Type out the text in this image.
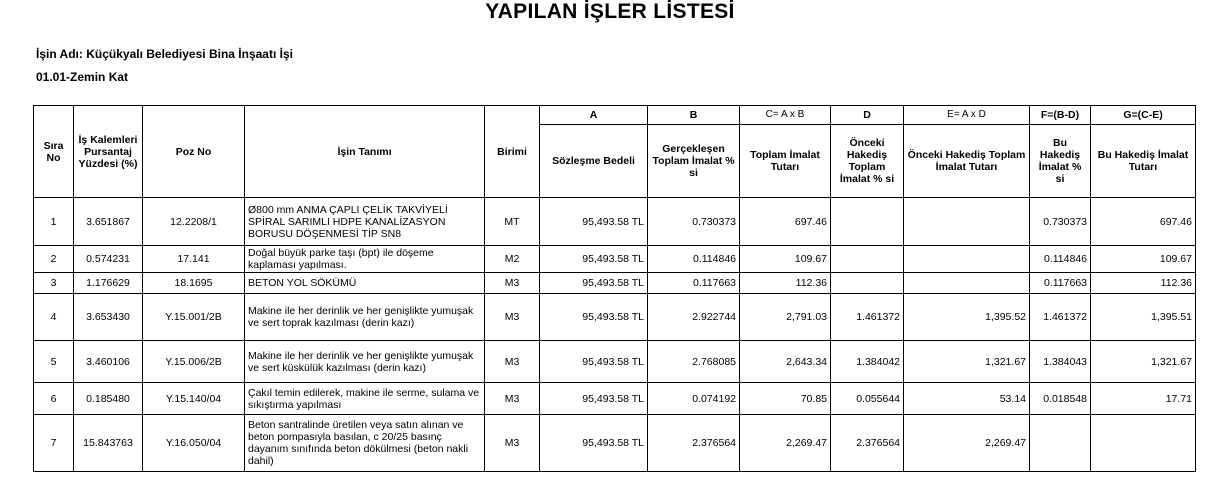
YAPILAN İŞLER LİSTESİ
İşin Adı: Küçükyalı Belediyesi Bina İnşaatı İşi
01.01-Zemin Kat
Sıra No	İş Kalemleri Pursantaj Yüzdesi (%)	Poz No	İşin Tanımı	Birimi	A	B	C= A x B	D	E= A x D	F=(B-D)	G=(C-E)
					Sözleşme Bedeli	Gerçekleşen Toplam İmalat % si	Toplam İmalat Tutarı	Önceki Hakediş Toplam İmalat % si	Önceki Hakediş Toplam İmalat Tutarı	Bu Hakediş İmalat % si	Bu Hakediş İmalat Tutarı
1	3.651867	12.2208/1	Ø800 mm ANMA ÇAPLI ÇELİK TAKVİYELİ SPİRAL SARIMLI HDPE KANALİZASYON BORUSU DÖŞENMESİ TİP SN8	MT	95,493.58 TL	0.730373	697.46			0.730373	697.46
2	0.574231	17.141	Doğal büyük parke taşı (bpt) ile döşeme kaplaması yapılması.	M2	95,493.58 TL	0.114846	109.67			0.114846	109.67
3	1.176629	18.1695	BETON YOL SÖKÜMÜ	M3	95,493.58 TL	0.117663	112.36			0.117663	112.36
4	3.653430	Y.15.001/2B	Makine ile her derinlik ve her genişlikte yumuşak ve sert toprak kazılması (derin kazı)	M3	95,493.58 TL	2.922744	2,791.03	1.461372	1,395.52	1.461372	1,395.51
5	3.460106	Y.15.006/2B	Makine ile her derinlik ve her genişlikte yumuşak ve sert küskülük kazılması (derin kazı)	M3	95,493.58 TL	2.768085	2,643.34	1.384042	1,321.67	1.384043	1,321.67
6	0.185480	Y.15.140/04	Çakıl temin edilerek, makine ile serme, sulama ve sıkıştırma yapılması	M3	95,493.58 TL	0.074192	70.85	0.055644	53.14	0.018548	17.71
7	15.843763	Y.16.050/04	Beton santralinde üretilen veya satın alınan ve beton pompasıyla basılan, c 20/25 basınç dayanım sınıfında beton dökülmesi (beton nakli dahil)	M3	95,493.58 TL	2.376564	2,269.47	2.376564	2,269.47		
